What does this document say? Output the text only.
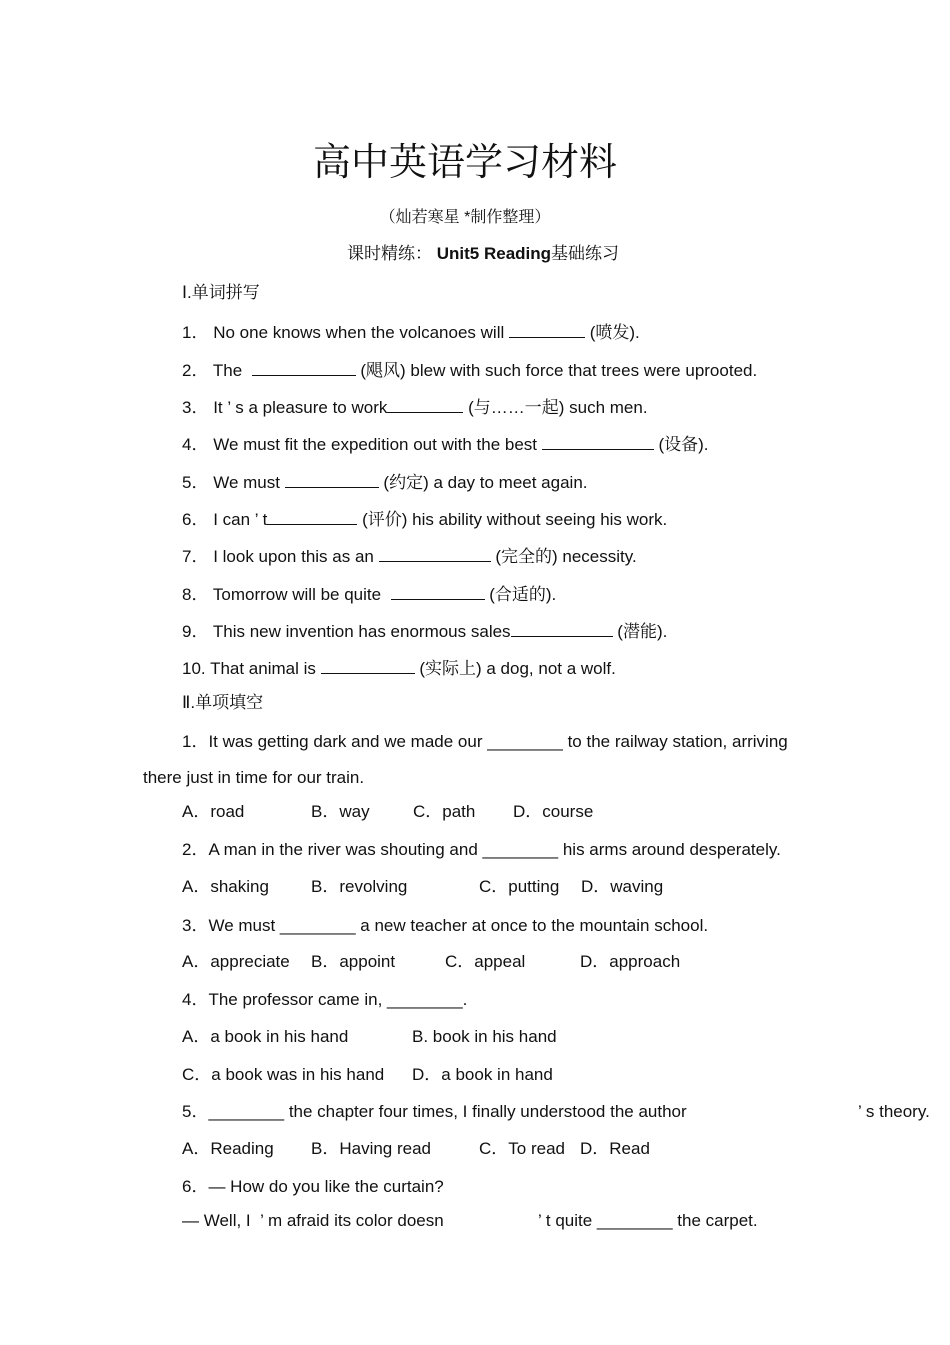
高中英语学习材料
（灿若寒星 *制作整理）
课时精练： Unit5 Reading基础练习
Ⅰ.单词拼写
1． No one knows when the volcanoes will	(喷发).
2． The	(飓风) blew with such force that trees were uprooted.
3． It ’ s a pleasure to work	(与……一起) such men.
4． We must fit the expedition out with the best	(设备).
5． We must	(约定) a day to meet again.
6． I can ’ t	(评价) his ability without seeing his work.
7． I look upon this as an	(完全的) necessity.
8． Tomorrow will be quite	(合适的).
9． This new invention has enormous sales	(潜能).
10. That animal is	(实际上) a dog, not a wolf.
Ⅱ.单项填空
1．It was getting dark and we made our ________ to the railway station, arriving
there just in time for our train.
A．road	B．way	C．path D．course
2．A man in the river was shouting and ________ his arms around desperately.
A．shaking B．revolving	C．putting D．waving
3．We must ________ a new teacher at once to the mountain school.
A．appreciate B．appoint	C．appeal	D．approach
4．The professor came in, ________.
A．a book in his hand	B. book in his hand
C．a book was in his hand D．a book in hand
5．________ the chapter four times, I finally understood the author	’ s theory.
A．Reading B．Having read	C．To read D．Read
6．— How do you like the curtain?
— Well, I  ’ m afraid its color doesn	’ t quite ________ the carpet.
